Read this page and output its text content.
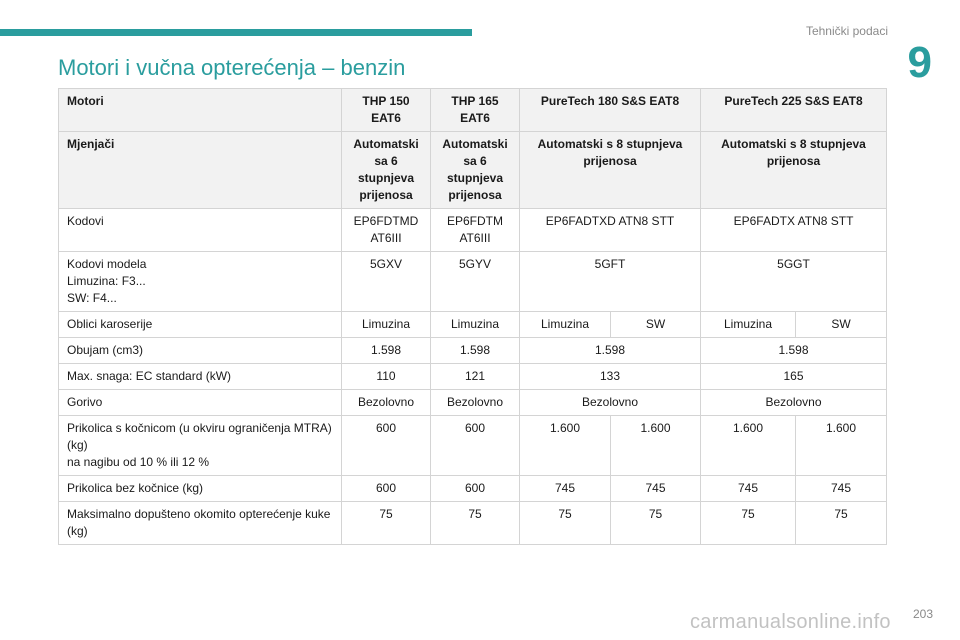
Tehnički podaci
9
Motori i vučna opterećenja – benzin
Motori	THP 150 EAT6	THP 165 EAT6	PureTech 180 S&S EAT8		PureTech 225 S&S EAT8	
Mjenjači	Automatski sa 6 stupnjeva prijenosa	Automatski sa 6 stupnjeva prijenosa	Automatski s 8 stupnjeva prijenosa		Automatski s 8 stupnjeva prijenosa	
Kodovi	EP6FDTMD AT6III	EP6FDTM AT6III	EP6FADTXD ATN8 STT		EP6FADTX ATN8 STT	
Kodovi modela
Limuzina: F3...
SW: F4...	5GXV	5GYV	5GFT		5GGT	
Oblici karoserije	Limuzina	Limuzina	Limuzina	SW	Limuzina	SW
Obujam (cm3)	1.598	1.598	1.598		1.598	
Max. snaga: EC standard (kW)	110	121	133		165	
Gorivo	Bezolovno	Bezolovno	Bezolovno		Bezolovno	
Prikolica s kočnicom (u okviru ograničenja MTRA) (kg)
na nagibu od 10 % ili 12 %	600	600	1.600	1.600	1.600	1.600
Prikolica bez kočnice (kg)	600	600	745	745	745	745
Maksimalno dopušteno okomito opterećenje kuke (kg)	75	75	75	75	75	75
203
carmanualsonline.info
